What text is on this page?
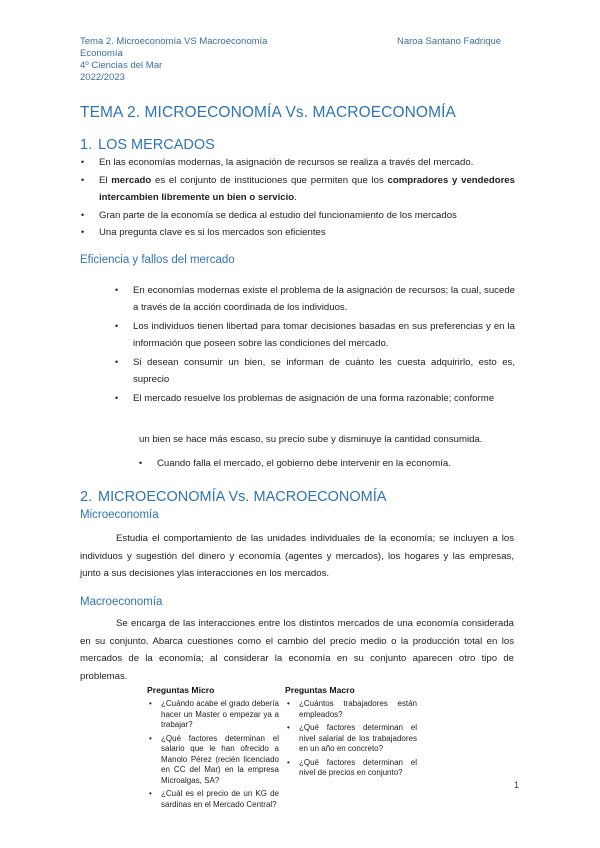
Tema 2. Microeconomía VS Macroeconomía
Economía
4º Ciencias del Mar
2022/2023
Naroa Santano Fadrique
TEMA 2. MICROECONOMÍA Vs. MACROECONOMÍA
1. LOS MERCADOS
• En las economías modernas, la asignación de recursos se realiza a través del mercado.
• El mercado es el conjunto de instituciones que permiten que los compradores y vendedores intercambien libremente un bien o servicio.
• Gran parte de la economía se dedica al estudio del funcionamiento de los mercados
• Una pregunta clave es si los mercados son eficientes
Eficiencia y fallos del mercado
• En economías modernas existe el problema de la asignación de recursos; la cual, sucede a través de la acción coordinada de los individuos.
• Los individuos tienen libertad para tomar decisiones basadas en sus preferencias y en la información que poseen sobre las condiciones del mercado.
• Si desean consumir un bien, se informan de cuánto les cuesta adquirirlo, esto es, suprecio
• El mercado resuelve los problemas de asignación de una forma razonable; conforme
un bien se hace más escaso, su precio sube y disminuye la cantidad consumida.
• Cuando falla el mercado, el gobierno debe intervenir en la economía.
2. MICROECONOMÍA Vs. MACROECONOMÍA
Microeconomía
Estudia el comportamiento de las unidades individuales de la economía; se incluyen a los individuos y sugestión del dinero y economía (agentes y mercados), los hogares y las empresas, junto a sus decisiones ylas interacciones en los mercados.
Macroeconomía
Se encarga de las interacciones entre los distintos mercados de una economía considerada en su conjunto. Abarca cuestiones como el cambio del precio medio o la producción total en los mercados de la economía; al considerar la economía en su conjunto aparecen otro tipo de problemas.
Preguntas Micro
• ¿Cuándo acabe el grado debería hacer un Master o empezar ya a trabajar?
• ¿Qué factores determinan el salario que le han ofrecido a Manolo Pérez (recién licenciado en CC del Mar) en la empresa Microalgas, SA?
• ¿Cuál es el precio de un KG de sardinas en el Mercado Central?
Preguntas Macro
• ¿Cuántos trabajadores están empleados?
• ¿Qué factores determinan el nivel salarial de los trabajadores en un año en concreto?
• ¿Qué factores determinan el nivel de precios en conjunto?
1
